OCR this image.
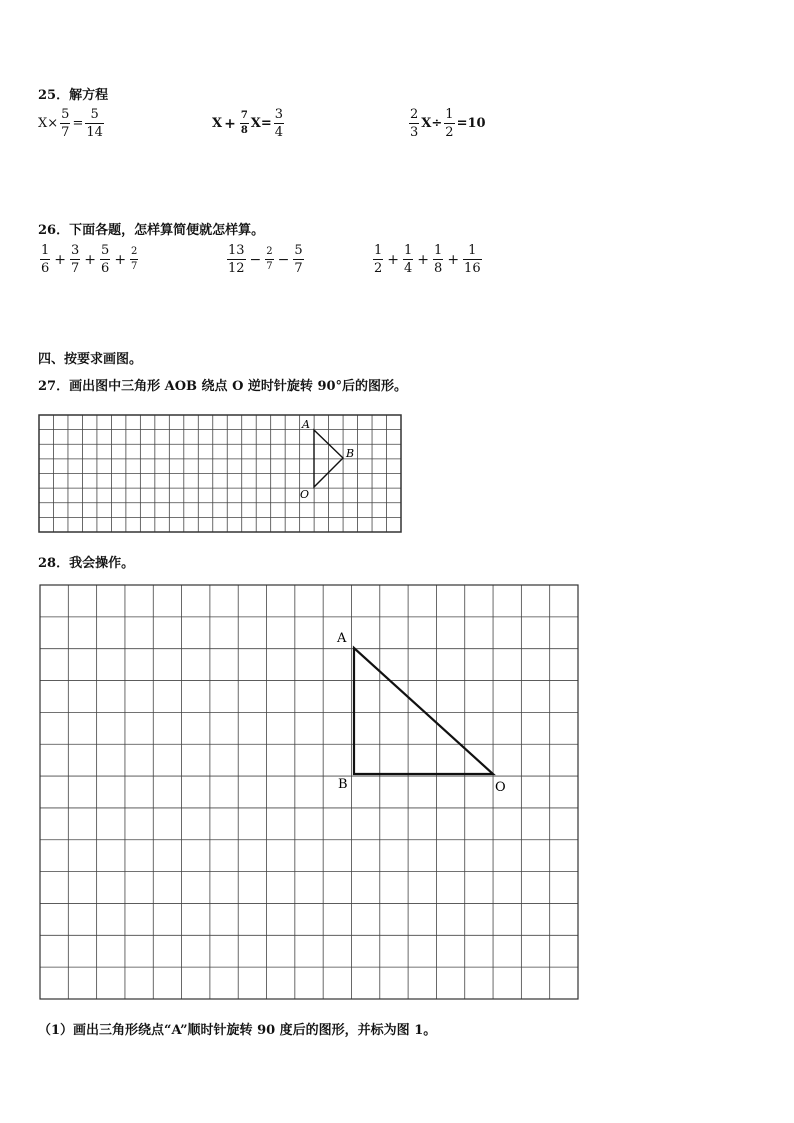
25．解方程
$X \times \frac{5}{7} = \frac{5}{14}$	$X + \frac{7}{8}$ $X = \frac{3}{4}$	$\frac{2}{3}$ $X \div \frac{1}{2} =10$
26．下面各题，怎样算简便就怎样算。
$\frac{1}{6} + \frac{3}{7} + \frac{5}{6} + \frac{2}{7}$	$\frac{13}{12} - \frac{2}{7} - \frac{5}{7}$	$\frac{1}{2} + \frac{1}{4} + \frac{1}{8} + \frac{1}{16}$
四、按要求画图。
27．画出图中三角形 AOB 绕点 O 逆时针旋转 90°后的图形。
A
B
O
28．我会操作。
A
B	O
（1）画出三角形绕点“A”顺时针旋转 90 度后的图形，并标为图 1。
